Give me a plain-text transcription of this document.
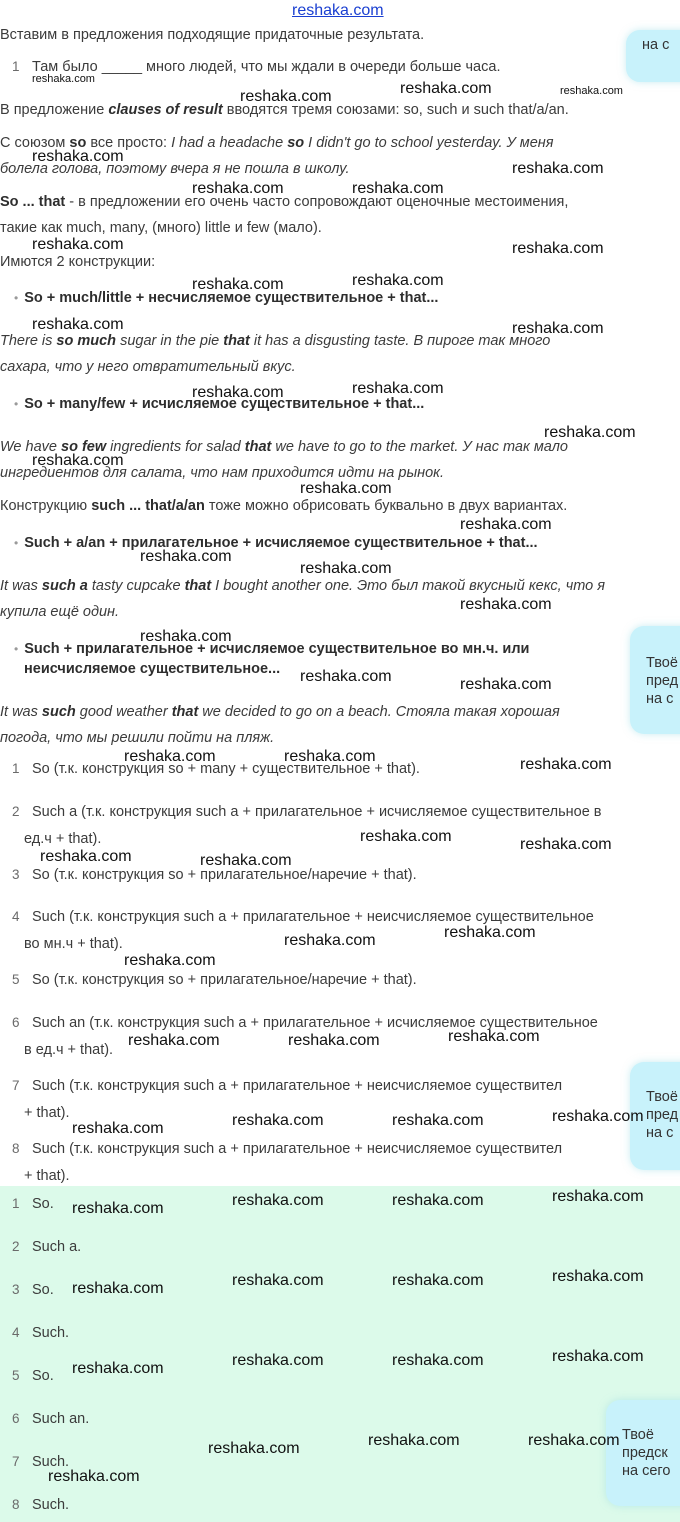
reshaka.com
на с
Вставим в предложения подходящие придаточные результата.
1 Там было _____ много людей, что мы ждали в очереди больше часа.
В предложение clauses of result вводятся тремя союзами: so, such и such that/a/an.
С союзом so все просто: I had a headache so I didn't go to school yesterday. У меня
болела голова, поэтому вчера я не пошла в школу.
So ... that - в предложении его очень часто сопровождают оценочные местоимения,
такие как much, many, (много) little и few (мало).
Имются 2 конструкции:
• So + much/little + несчисляемое существительное + that...
There is so much sugar in the pie that it has a disgusting taste. В пироге так много
сахара, что у него отвратительный вкус.
• So + many/few + исчисляемое существительное + that...
We have so few ingredients for salad that we have to go to the market. У нас так мало
ингредиентов для салата, что нам приходится идти на рынок.
Конструкцию such ... that/a/an тоже можно обрисовать буквально в двух вариантах.
• Such + a/an + прилагательное + исчисляемое существительное + that...
It was such a tasty cupcake that I bought another one. Это был такой вкусный кекс, что я
купила ещё один.
• Such + прилагательное + исчисляемое существительное во мн.ч. или
неисчисляемое существительное...
It was such good weather that we decided to go on a beach. Стояла такая хорошая
погода, что мы решили пойти на пляж.
Твоё
пред
на с
1 So (т.к. конструкция so + many + существительное + that).
2 Such a (т.к. конструкция such a + прилагательное + исчисляемое существительное в
ед.ч + that).
3 So (т.к. конструкция so + прилагательное/наречие + that).
4 Such (т.к. конструкция such a + прилагательное + неисчисляемое существительное
во мн.ч + that).
5 So (т.к. конструкция so + прилагательное/наречие + that).
6 Such an (т.к. конструкция such a + прилагательное + исчисляемое существительное
в ед.ч + that).
7 Such (т.к. конструкция such a + прилагательное + неисчисляемое существител
+ that).
8 Such (т.к. конструкция such a + прилагательное + неисчисляемое существител
+ that).
Твоё
пред
на с
1 So.
2 Such a.
3 So.
4 Such.
5 So.
6 Such an.
7 Such.
8 Such.
Твоё
предск
на сего
reshaka.com
reshaka.com
reshaka.com	reshaka.com
reshaka.com
reshaka.com
reshaka.com	reshaka.com
reshaka.com	reshaka.com
reshaka.com	reshaka.com
reshaka.com	reshaka.com
reshaka.com	reshaka.com
reshaka.com
reshaka.com
reshaka.com
reshaka.com
reshaka.com
reshaka.com
reshaka.com
reshaka.com
reshaka.com	reshaka.com
reshaka.com	reshaka.com	reshaka.com
reshaka.com	reshaka.com
reshaka.com	reshaka.com
reshaka.com	reshaka.com
reshaka.com
reshaka.com	reshaka.com	reshaka.com
reshaka.com	reshaka.com	reshaka.com	reshaka.com
reshaka.com	reshaka.com	reshaka.com	reshaka.com
reshaka.com	reshaka.com	reshaka.com	reshaka.com
reshaka.com	reshaka.com	reshaka.com	reshaka.com
reshaka.com	reshaka.com	reshaka.com
reshaka.com
